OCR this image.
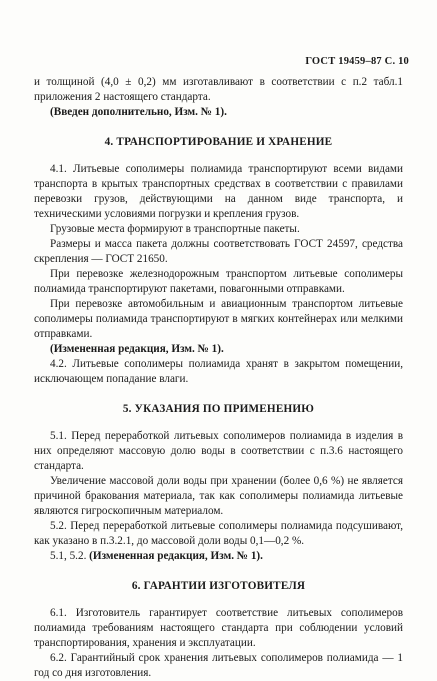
ГОСТ 19459–87 С. 10

и толщиной (4,0 ± 0,2) мм изготавливают в соответствии с п.2 табл.1 приложения 2 настоящего стандарта.

(Введен дополнительно, Изм. № 1).

4. ТРАНСПОРТИРОВАНИЕ И ХРАНЕНИЕ

4.1. Литьевые сополимеры полиамида транспортируют всеми видами транспорта в крытых транспортных средствах в соответствии с правилами перевозки грузов, действующими на данном виде транспорта, и техническими условиями погрузки и крепления грузов.

Грузовые места формируют в транспортные пакеты.

Размеры и масса пакета должны соответствовать ГОСТ 24597, средства скрепления — ГОСТ 21650.

При перевозке железнодорожным транспортом литьевые сополимеры полиамида транспортируют пакетами, повагонными отправками.

При перевозке автомобильным и авиационным транспортом литьевые сополимеры полиамида транспортируют в мягких контейнерах или мелкими отправками.

(Измененная редакция, Изм. № 1).

4.2. Литьевые сополимеры полиамида хранят в закрытом помещении, исключающем попадание влаги.

5. УКАЗАНИЯ ПО ПРИМЕНЕНИЮ

5.1. Перед переработкой литьевых сополимеров полиамида в изделия в них определяют массовую долю воды в соответствии с п.3.6 настоящего стандарта.

Увеличение массовой доли воды при хранении (более 0,6 %) не является причиной бракования материала, так как сополимеры полиамида литьевые являются гигроскопичным материалом.

5.2. Перед переработкой литьевые сополимеры полиамида подсушивают, как указано в п.3.2.1, до массовой доли воды 0,1—0,2 %.

5.1, 5.2. (Измененная редакция, Изм. № 1).

6. ГАРАНТИИ ИЗГОТОВИТЕЛЯ

6.1. Изготовитель гарантирует соответствие литьевых сополимеров полиамида требованиям настоящего стандарта при соблюдении условий транспортирования, хранения и эксплуатации.

6.2. Гарантийный срок хранения литьевых сополимеров полиамида — 1 год со дня изготовления.
